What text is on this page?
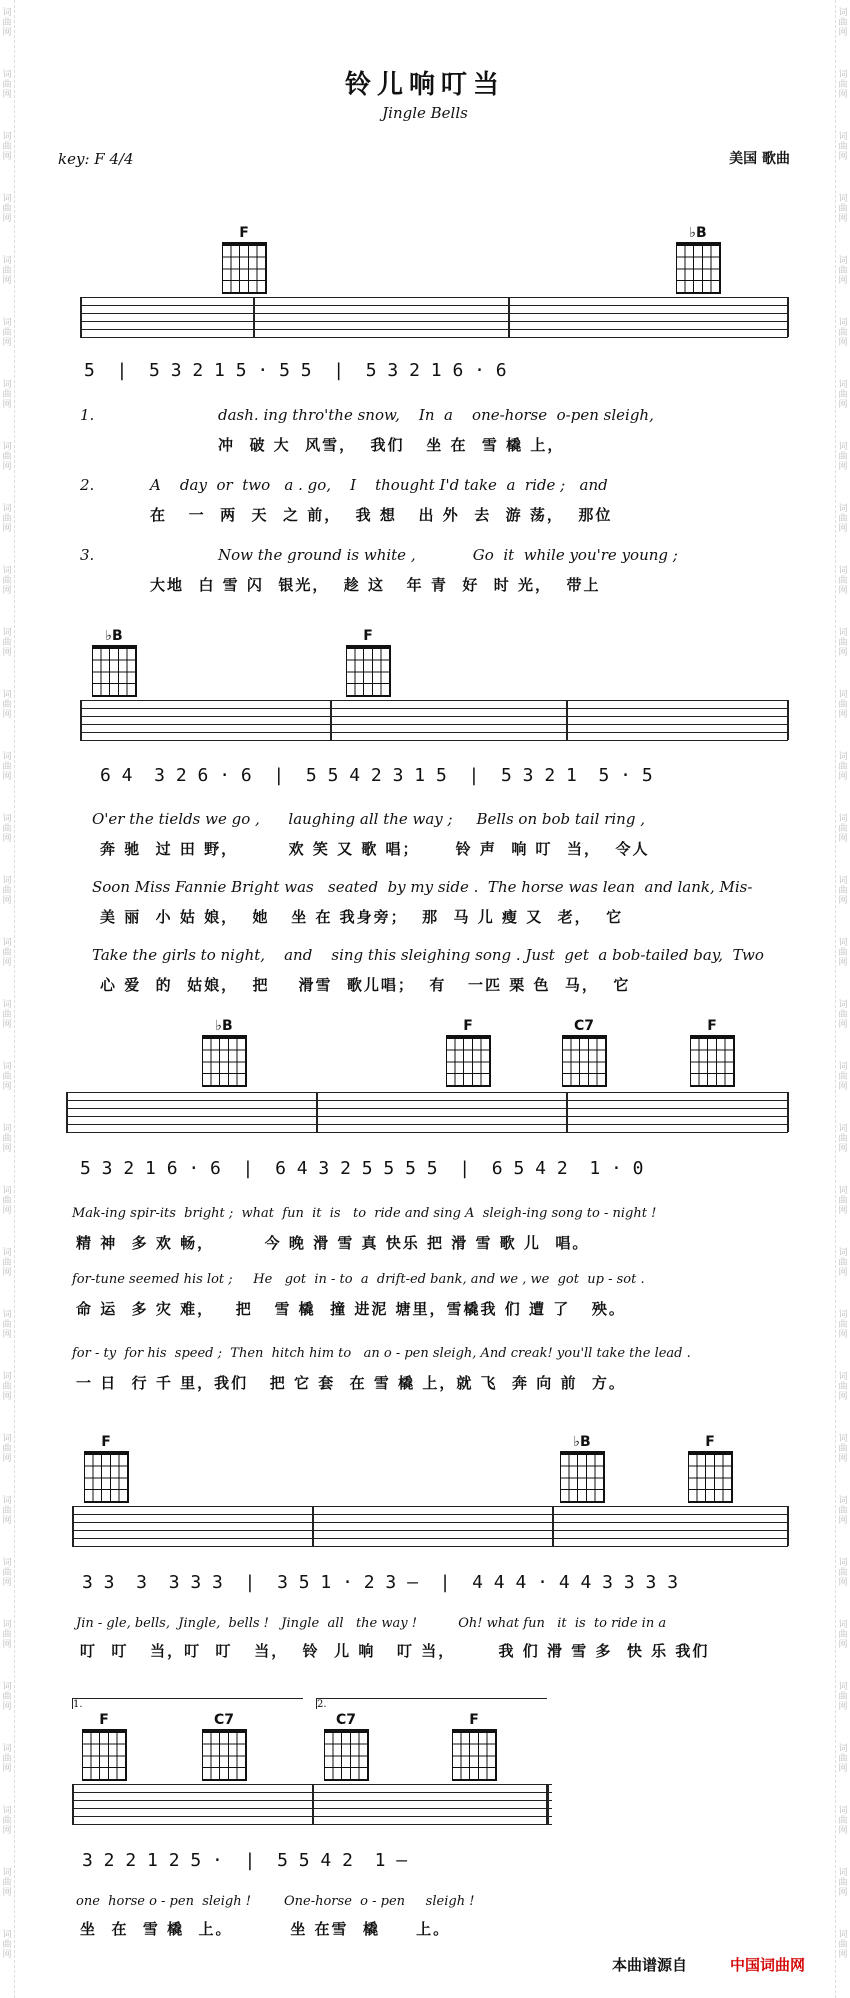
词
曲
网
词
曲
网
词
曲
网
词
曲
网
词
曲
网
词
曲
网
词
曲
网
词
曲
网
词
曲
网
词
曲
网
词
曲
网
词
曲
网
词
曲
网
词
曲
网
词
曲
网
词
曲
网
词
曲
网
词
曲
网
词
曲
网
词
曲
网
词
曲
网
词
曲
网
词
曲
网
词
曲
网
词
曲
网
词
曲
网
词
曲
网
词
曲
网
词
曲
网
词
曲
网
词
曲
网
词
曲
网
词
曲
网
词
曲
网
词
曲
网
词
曲
网
词
曲
网
词
曲
网
词
曲
网
词
曲
网
词
曲
网
词
曲
网
词
曲
网
词
曲
网
词
曲
网
词
曲
网
词
曲
网
词
曲
网
词
曲
网
词
曲
网
词
曲
网
词
曲
网
词
曲
网
词
曲
网
词
曲
网
词
曲
网
词
曲
网
词
曲
网
词
曲
网
词
曲
网
词
曲
网
词
曲
网
词
曲
网
词
曲
网
铃儿响叮当
Jingle Bells
key: F 4/4	美国 歌曲
F	♭B
5  |  5 3 2 1 5 · 5 5  |  5 3 2 1 6 · 6
1.	dash. ing thro'the snow,    In  a    one-horse  o-pen sleigh,
冲  破 大  风雪，  我们   坐 在  雪 橇 上，
2.	A    day  or  two   a . go,    I    thought I'd take  a  ride ;   and
在   一  两  天  之 前，  我 想   出 外  去  游 荡，  那位
3.	Now the ground is white ,            Go  it  while you're young ;
大地  白 雪 闪  银光，  趁 这   年 青  好  时 光，  带上
♭B	F
6 4  3 2 6 · 6  |  5 5 4 2 3 1 5  |  5 3 2 1  5 · 5
O'er the tields we go ,      laughing all the way ;     Bells on bob tail ring ,
奔 驰  过 田 野，       欢 笑 又 歌 唱；     铃 声  响 叮  当，  令人
Soon Miss Fannie Bright was   seated  by my side .  The horse was lean  and lank, Mis-
美 丽  小 姑 娘，  她   坐 在 我身旁；  那  马 儿 瘦 又  老，  它
Take the girls to night,    and    sing this sleighing song . Just  get  a bob-tailed bay,  Two
心 爱  的  姑娘，  把    滑雪  歌儿唱；  有   一匹 栗 色  马，  它
♭B	F	C7	F
5 3 2 1 6 · 6  |  6 4 3 2 5 5 5 5  |  6 5 4 2  1 · 0
Mak-ing spir-its  bright ;  what  fun  it  is   to  ride and sing A  sleigh-ing song to - night !
精 神  多 欢 畅，       今 晚 滑 雪 真 快乐 把 滑 雪 歌 儿  唱。
for-tune seemed his lot ;     He   got  in - to  a  drift-ed bank, and we , we  got  up - sot .
命 运  多 灾 难，   把   雪 橇  撞 进泥 塘里，雪橇我 们 遭 了   殃。
for - ty  for his  speed ;  Then  hitch him to   an o - pen sleigh, And creak! you'll take the lead .
一 日  行 千 里，我们   把 它 套  在 雪 橇 上，就 飞  奔 向 前  方。
F	♭B	F
3 3  3  3 3 3  |  3 5 1 · 2 3 —  |  4 4 4 · 4 4 3 3 3 3
Jin - gle, bells,  Jingle,  bells !   Jingle  all   the way !          Oh! what fun   it  is  to ride in a
叮  叮   当，叮  叮   当，  铃  儿 响   叮 当，      我 们 滑 雪 多  快 乐 我们
1.	2.
F	C7	C7	F
3 2 2 1 2 5 ·  |  5 5 4 2  1 —
one  horse o - pen  sleigh !        One-horse  o - pen     sleigh !
坐  在  雪 橇  上。        坐 在雪  橇     上。
本曲谱源自	中国词曲网
